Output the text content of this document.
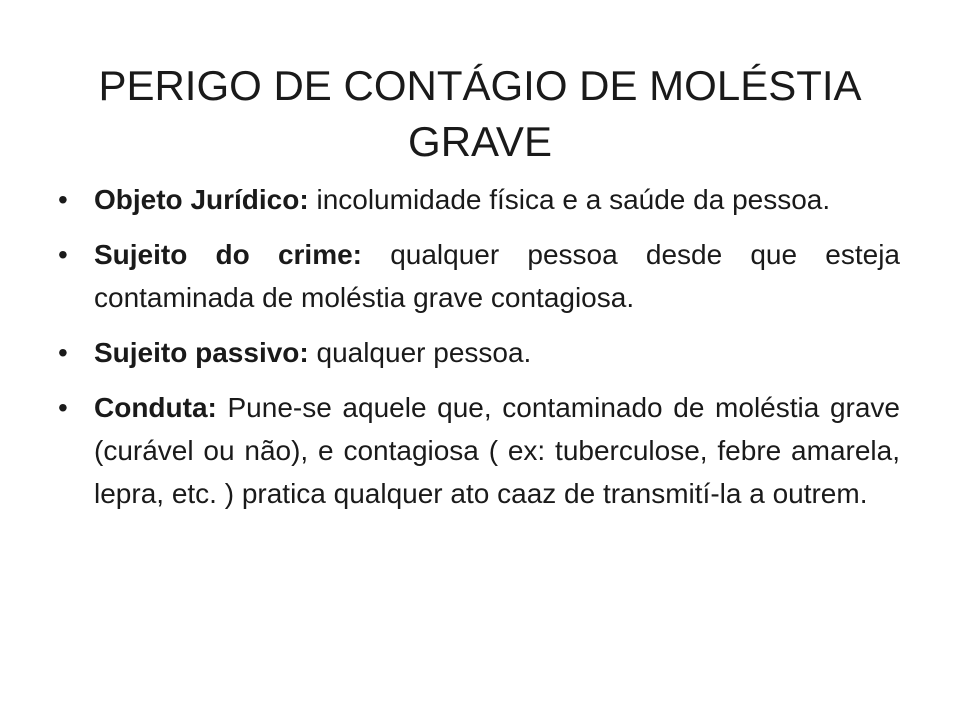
PERIGO DE CONTÁGIO DE MOLÉSTIA GRAVE
• Objeto Jurídico: incolumidade física e a saúde da pessoa.
• Sujeito do crime: qualquer pessoa desde que esteja contaminada de moléstia grave contagiosa.
• Sujeito passivo: qualquer pessoa.
• Conduta: Pune-se aquele que, contaminado de moléstia grave (curável ou não), e contagiosa ( ex: tuberculose, febre amarela, lepra, etc. ) pratica qualquer ato caaz de transmití-la a outrem.
